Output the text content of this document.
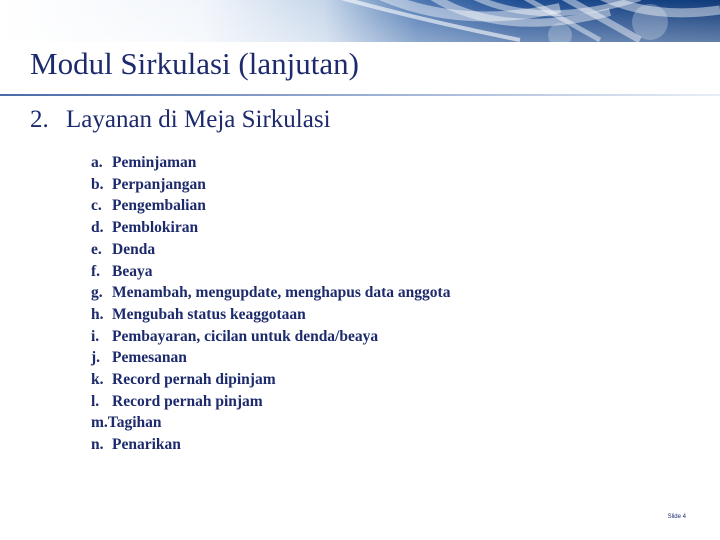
Modul Sirkulasi (lanjutan)
2. Layanan di Meja Sirkulasi
a. Peminjaman
b. Perpanjangan
c. Pengembalian
d. Pemblokiran
e. Denda
f. Beaya
g. Menambah, mengupdate, menghapus data anggota
h. Mengubah status keaggotaan
i. Pembayaran, cicilan untuk denda/beaya
j. Pemesanan
k. Record pernah dipinjam
l. Record pernah pinjam
m.Tagihan
n. Penarikan
Slide 4
